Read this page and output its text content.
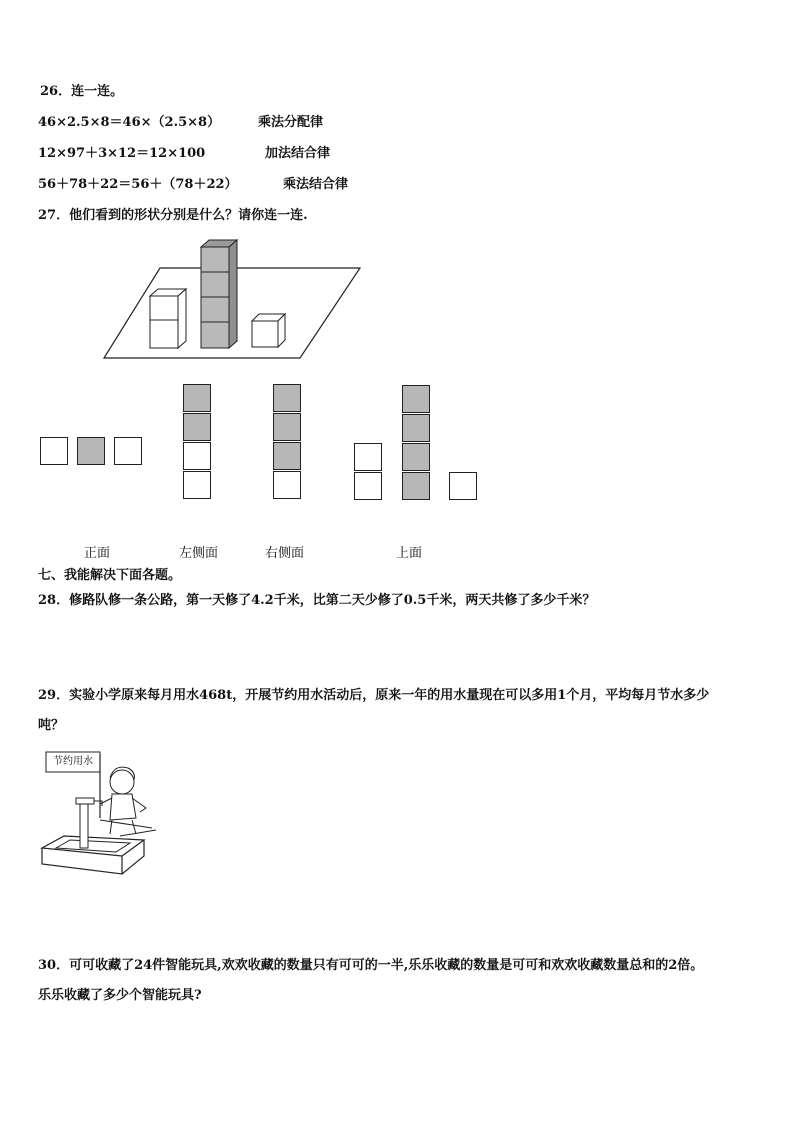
26．连一连。
46×2.5×8＝46×（2.5×8）	乘法分配律
12×97＋3×12＝12×100	加法结合律
56＋78＋22＝56＋（78＋22）	乘法结合律
27．他们看到的形状分别是什么？请你连一连.
正面	左侧面	右侧面	上面
七、我能解决下面各题。
28．修路队修一条公路，第一天修了4.2千米，比第二天少修了0.5千米，两天共修了多少千米？
29．实验小学原来每月用水468t，开展节约用水活动后，原来一年的用水量现在可以多用1个月，平均每月节水多少
吨？
节约用水
30．可可收藏了24件智能玩具,欢欢收藏的数量只有可可的一半,乐乐收藏的数量是可可和欢欢收藏数量总和的2倍。
乐乐收藏了多少个智能玩具?
